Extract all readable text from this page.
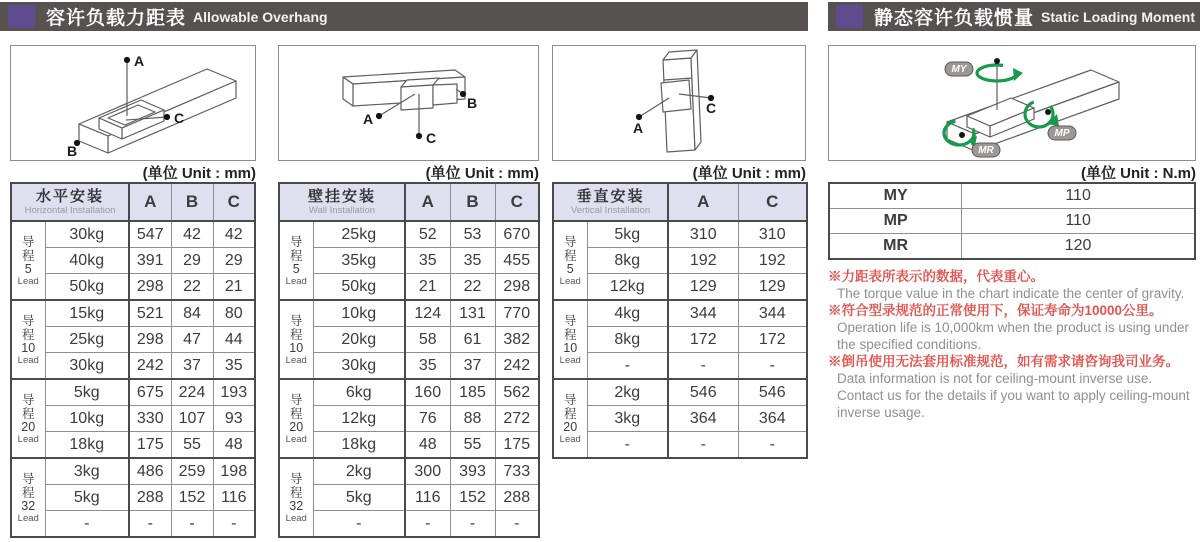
容许负载力距表 Allowable Overhang	静态容许负载惯量 Static Loading Moment
A
B
C	A
B
C
A
C
MY
MP
MR
(单位 Unit : mm)	(单位 Unit : mm)	(单位 Unit : mm)	(单位 Unit : N.m)
水平安装
Horizontal Installation		A	B	C

导
程
5
Lead	30kg	547	42	42
	40kg	391	29	29
	50kg	298	22	21

导
程
10
Lead	15kg	521	84	80
	25kg	298	47	44
	30kg	242	37	35

导
程
20
Lead	5kg	675	224	193
	10kg	330	107	93
	18kg	175	55	48

导
程
32
Lead	3kg	486	259	198
	5kg	288	152	116
	-	-	-	-
壁挂安装
Wall Installation		A	B	C

导
程
5
Lead	25kg	52	53	670
	35kg	35	35	455
	50kg	21	22	298

导
程
10
Lead	10kg	124	131	770
	20kg	58	61	382
	30kg	35	37	242

导
程
20
Lead	6kg	160	185	562
	12kg	76	88	272
	18kg	48	55	175

导
程
32
Lead	2kg	300	393	733
	5kg	116	152	288
	-	-	-	-
垂直安装
Vertical Installation		A	C

导
程
5
Lead	5kg	310	310
	8kg	192	192
	12kg	129	129

导
程
10
Lead	4kg	344	344
	8kg	172	172
	-	-	-

导
程
20
Lead	2kg	546	546
	3kg	364	364
	-	-	-
MY	110
MP	110
MR	120
※力距表所表示的数据，代表重心。
The torque value in the chart indicate the center of gravity.
※符合型录规范的正常使用下，保证寿命为10000公里。
Operation life is 10,000km when the product is using under the specified conditions.
※倒吊使用无法套用标准规范，如有需求请咨询我司业务。
Data information is not for ceiling-mount inverse use. Contact us for the details if you want to apply ceiling-mount inverse usage.
